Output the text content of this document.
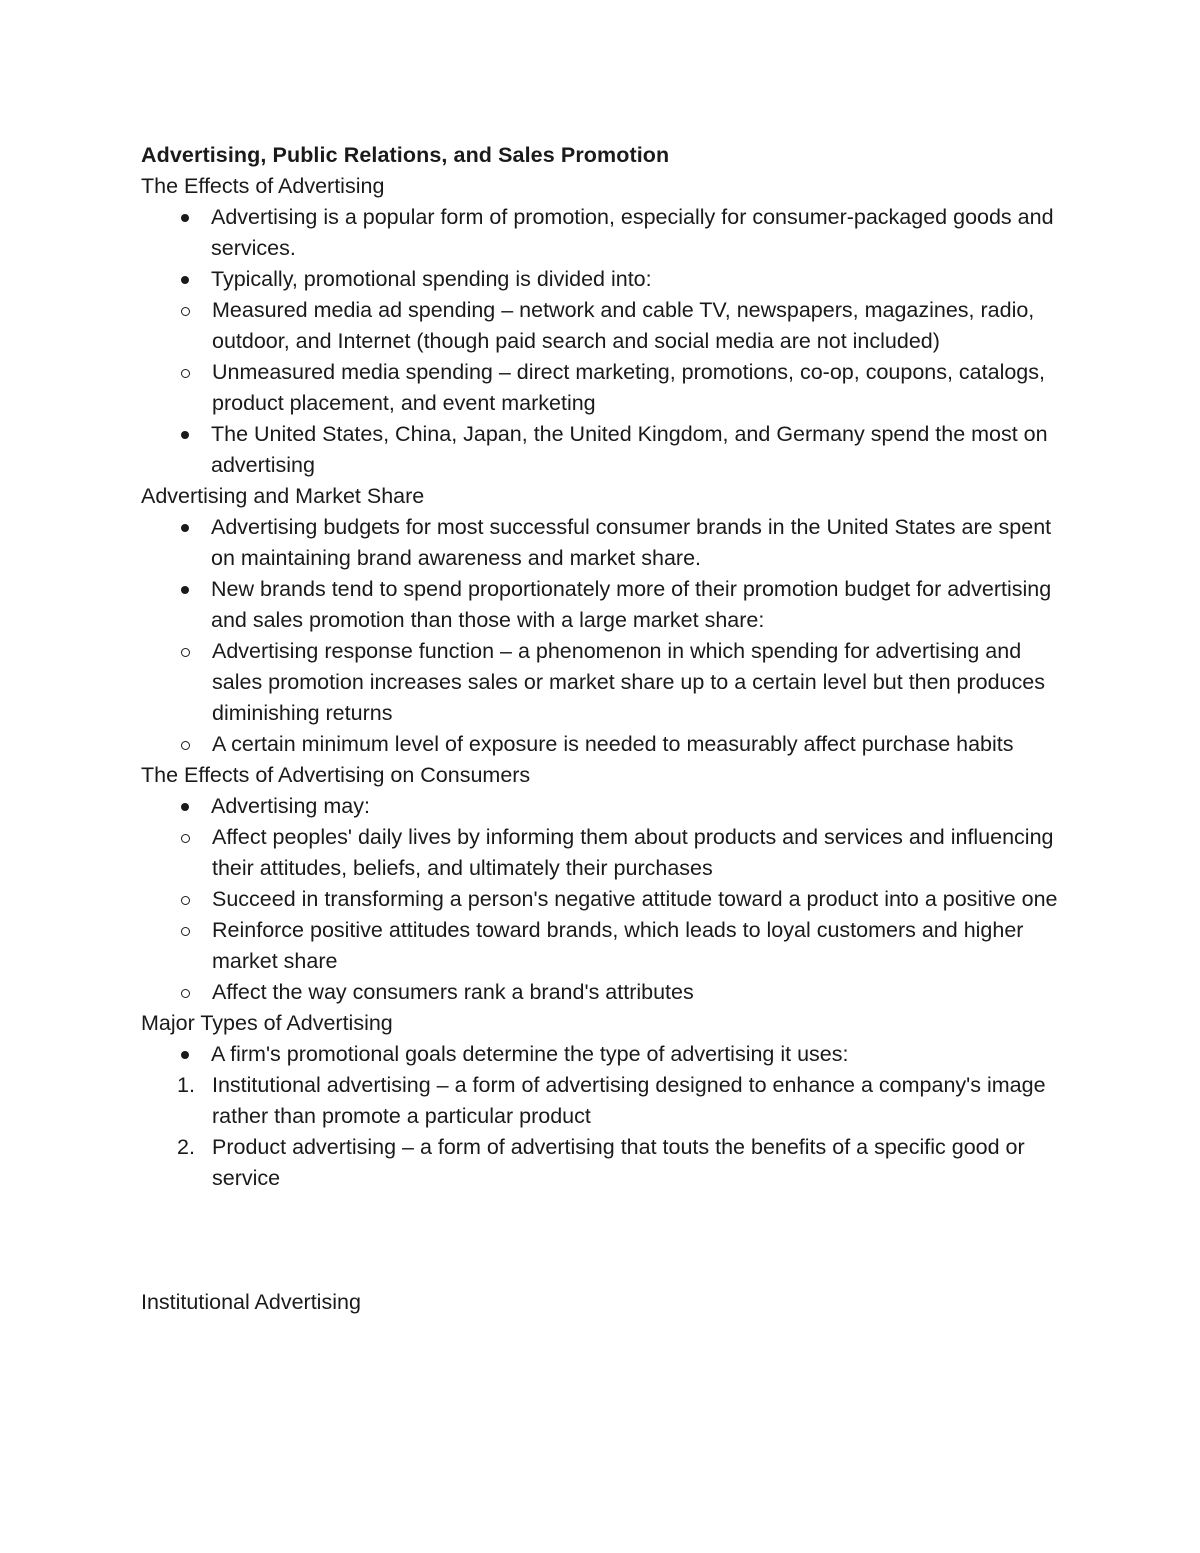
Advertising, Public Relations, and Sales Promotion

The Effects of Advertising

Advertising is a popular form of promotion, especially for consumer-packaged goods and services.
Typically, promotional spending is divided into:
Measured media ad spending – network and cable TV, newspapers, magazines, radio, outdoor, and Internet (though paid search and social media are not included)
Unmeasured media spending – direct marketing, promotions, co-op, coupons, catalogs, product placement, and event marketing
The United States, China, Japan, the United Kingdom, and Germany spend the most on advertising

Advertising and Market Share

Advertising budgets for most successful consumer brands in the United States are spent on maintaining brand awareness and market share.
New brands tend to spend proportionately more of their promotion budget for advertising and sales promotion than those with a large market share:
Advertising response function – a phenomenon in which spending for advertising and sales promotion increases sales or market share up to a certain level but then produces diminishing returns
A certain minimum level of exposure is needed to measurably affect purchase habits

The Effects of Advertising on Consumers

Advertising may:
Affect peoples' daily lives by informing them about products and services and influencing their attitudes, beliefs, and ultimately their purchases
Succeed in transforming a person's negative attitude toward a product into a positive one
Reinforce positive attitudes toward brands, which leads to loyal customers and higher market share
Affect the way consumers rank a brand's attributes

Major Types of Advertising

A firm's promotional goals determine the type of advertising it uses:
1. Institutional advertising – a form of advertising designed to enhance a company's image rather than promote a particular product
2. Product advertising – a form of advertising that touts the benefits of a specific good or service

Institutional Advertising
